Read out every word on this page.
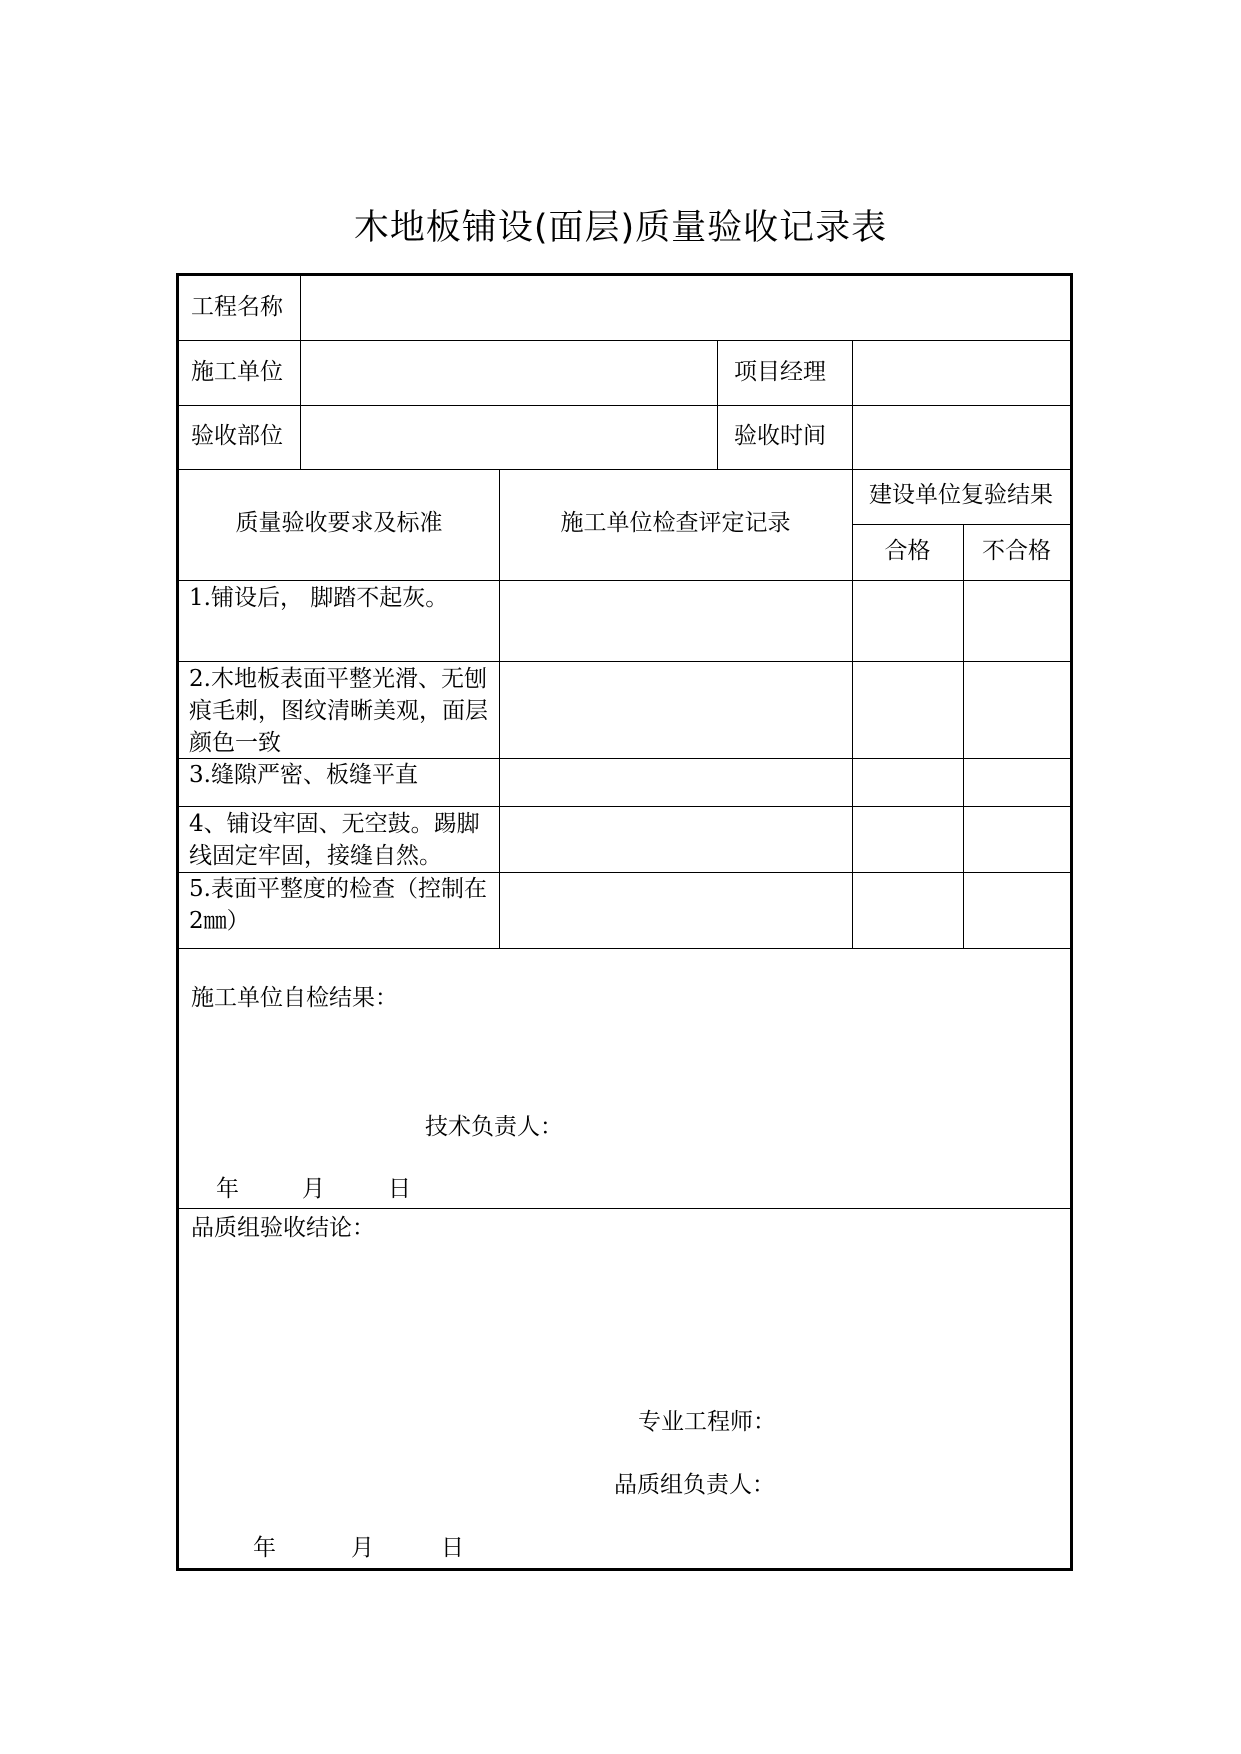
木地板铺设(面层)质量验收记录表
工程名称
施工单位	项目经理
验收部位	验收时间
质量验收要求及标准	施工单位检查评定记录
建设单位复验结果
合格	不合格
1.铺设后， 脚踏不起灰。
2.木地板表面平整光滑、无刨痕毛刺，图纹清晰美观，面层颜色一致
3.缝隙严密、板缝平直
4、铺设牢固、无空鼓。踢脚线固定牢固，接缝自然。
5.表面平整度的检查（控制在2㎜）
施工单位自检结果：
技术负责人：
年	月	日
品质组验收结论：
专业工程师：
品质组负责人：
年	月	日
